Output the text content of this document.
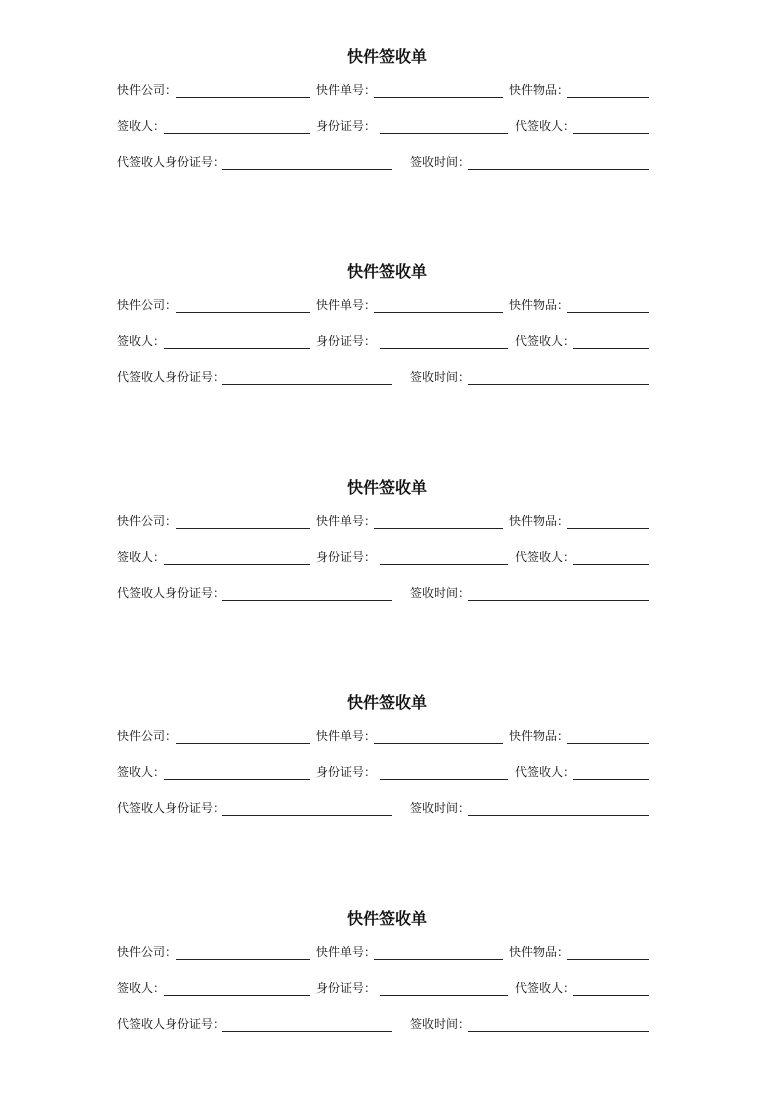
快件签收单
快件公司：	快件单号：	快件物品：
签收人：	身份证号：	代签收人：
代签收人身份证号：	签收时间：
快件签收单
快件公司：	快件单号：	快件物品：
签收人：	身份证号：	代签收人：
代签收人身份证号：	签收时间：
快件签收单
快件公司：	快件单号：	快件物品：
签收人：	身份证号：	代签收人：
代签收人身份证号：	签收时间：
快件签收单
快件公司：	快件单号：	快件物品：
签收人：	身份证号：	代签收人：
代签收人身份证号：	签收时间：
快件签收单
快件公司：	快件单号：	快件物品：
签收人：	身份证号：	代签收人：
代签收人身份证号：	签收时间：
